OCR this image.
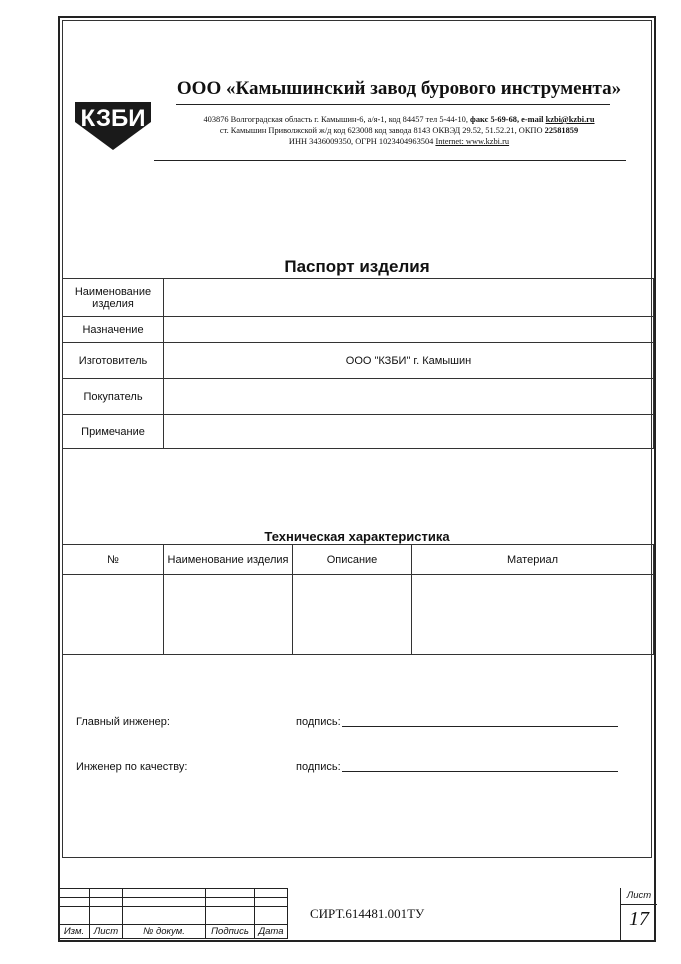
КЗБИ
ООО «Камышинский завод бурового инструмента»
403876 Волгоградская область г. Камышин-6, а/я-1, код 84457 тел 5-44-10, факс 5-69-68, e-mail kzbi@kzbi.ru
ст. Камышин Приволжской ж/д код 623008 код завода 8143 ОКВЭД 29.52, 51.52.21, ОКПО 22581859
ИНН 3436009350, ОГРН 1023404963504 Internet: www.kzbi.ru
Паспорт изделия
Наименование изделия	
Назначение	
Изготовитель	ООО "КЗБИ" г. Камышин
Покупатель	
Примечание	
Техническая характеристика
№	Наименование изделия	Описание	Материал

Главный инженер:	подпись:
Инженер по качеству:	подпись:

Изм.	Лист	№ докум.	Подпись	Дата
СИРТ.614481.001ТУ
Лист
17
